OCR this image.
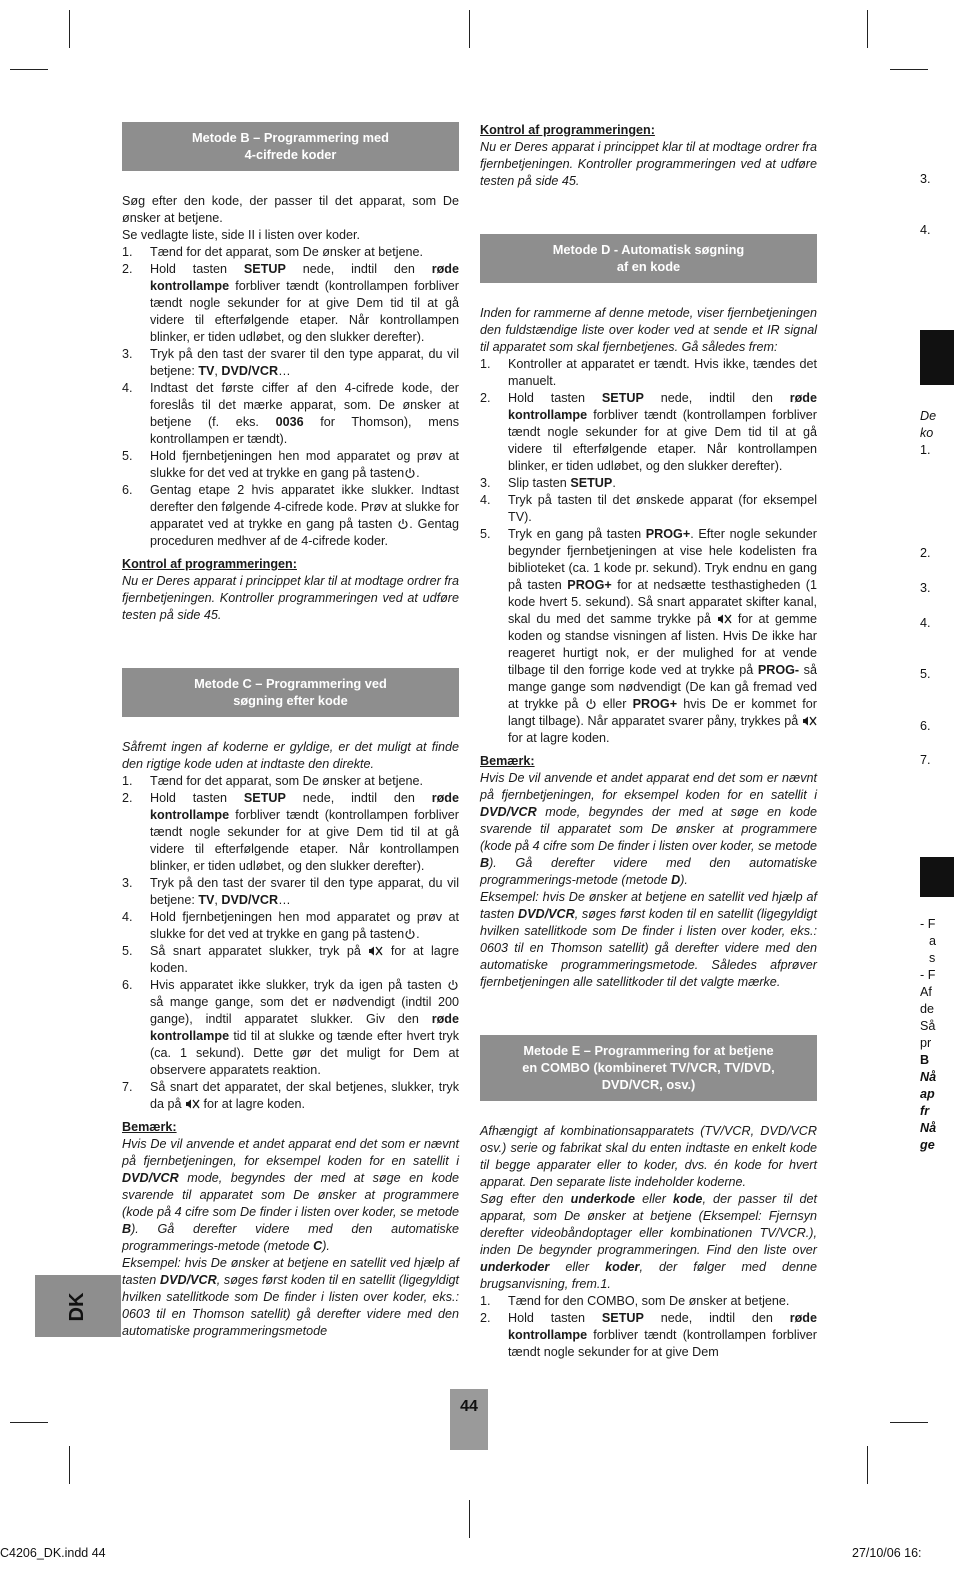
Metode B – Programmering med
4-cifrede koder

Søg efter den kode, der passer til det apparat, som De ønsker at betjene.

Se vedlagte liste, side II i listen over koder.

1. Tænd for det apparat, som De ønsker at betjene.
2. Hold tasten SETUP nede, indtil den røde kontrollampe forbliver tændt (kontrollampen forbliver tændt nogle sekunder for at give Dem tid til at gå videre til efterfølgende etaper. Når kontrollampen blinker, er tiden udløbet, og den slukker derefter).
3. Tryk på den tast der svarer til den type apparat, du vil betjene: TV, DVD/VCR…
4. Indtast det første ciffer af den 4-cifrede kode, der foreslås til det mærke apparat, som. De ønsker at betjene (f. eks. 0036 for Thomson), mens kontrollampen er tændt).
5. Hold fjernbetjeningen hen mod apparatet og prøv at slukke for det ved at trykke en gang på tasten .
6. Gentag etape 2 hvis apparatet ikke slukker. Indtast derefter den følgende 4-cifrede kode. Prøv at slukke for apparatet ved at trykke en gang på tasten . Gentag proceduren medhver af de 4-cifrede koder.

Kontrol af programmeringen:

Nu er Deres apparat i princippet klar til at modtage ordrer fra fjernbetjeningen. Kontroller programmeringen ved at udføre testen på side 45.

Metode C – Programmering ved
søgning efter kode

Såfremt ingen af koderne er gyldige, er det muligt at finde den rigtige kode uden at indtaste den direkte.

1. Tænd for det apparat, som De ønsker at betjene.
2. Hold tasten SETUP nede, indtil den røde kontrollampe forbliver tændt (kontrollampen forbliver tændt nogle sekunder for at give Dem tid til at gå videre til efterfølgende etaper. Når kontrollampen blinker, er tiden udløbet, og den slukker derefter).
3. Tryk på den tast der svarer til den type apparat, du vil betjene: TV, DVD/VCR…
4. Hold fjernbetjeningen hen mod apparatet og prøv at slukke for det ved at trykke en gang på tasten .
5. Så snart apparatet slukker, tryk på  for at lagre koden.
6. Hvis apparatet ikke slukker, tryk da igen på tasten  så mange gange, som det er nødvendigt (indtil 200 gange), indtil apparatet slukker. Giv den røde kontrollampe tid til at slukke og tænde efter hvert tryk (ca. 1 sekund). Dette gør det muligt for Dem at observere apparatets reaktion.
7. Så snart det apparatet, der skal betjenes, slukker, tryk da på  for at lagre koden.

Bemærk:

Hvis De vil anvende et andet apparat end det som er nævnt på fjernbetjeningen, for eksempel koden for en satellit i DVD/VCR mode, begyndes der med at søge en kode svarende til apparatet som De ønsker at programmere (kode på 4 cifre som De finder i listen over koder, se metode B). Gå derefter videre med den automatiske programmerings-metode (metode C).

Eksempel: hvis De ønsker at betjene en satellit ved hjælp af tasten DVD/VCR, søges først koden til en satellit (ligegyldigt hvilken satellitkode som De finder i listen over koder, eks.: 0603 til en Thomson satellit) gå derefter videre med den automatiske programmeringsmetode

Kontrol af programmeringen:

Nu er Deres apparat i princippet klar til at modtage ordrer fra fjernbetjeningen. Kontroller programmeringen ved at udføre testen på side 45.

Metode D - Automatisk søgning
af en kode

Inden for rammerne af denne metode, viser fjernbetjeningen den fuldstændige liste over koder ved at sende et IR signal til apparatet som skal fjernbetjenes. Gå således frem:

1. Kontroller at apparatet er tændt. Hvis ikke, tændes det manuelt.
2. Hold tasten SETUP nede, indtil den røde kontrollampe forbliver tændt (kontrollampen forbliver tændt nogle sekunder for at give Dem tid til at gå videre til efterfølgende etaper. Når kontrollampen blinker, er tiden udløbet, og den slukker derefter).
3. Slip tasten SETUP.
4. Tryk på tasten til det ønskede apparat (for eksempel TV).
5. Tryk en gang på tasten PROG+. Efter nogle sekunder begynder fjernbetjeningen at vise hele kodelisten fra biblioteket (ca. 1 kode pr. sekund). Tryk endnu en gang på tasten PROG+ for at nedsætte testhastigheden (1 kode hvert 5. sekund). Så snart apparatet skifter kanal, skal du med det samme trykke på  for at gemme koden og standse visningen af listen. Hvis De ikke har reageret hurtigt nok, er der mulighed for at vende tilbage til den forrige kode ved at trykke på PROG- så mange gange som nødvendigt (De kan gå fremad ved at trykke på  eller PROG+ hvis De er kommet for langt tilbage). Når apparatet svarer påny, trykkes på  for at lagre koden.

Bemærk:

Hvis De vil anvende et andet apparat end det som er nævnt på fjernbetjeningen, for eksempel koden for en satellit i DVD/VCR mode, begyndes der med at søge en kode svarende til apparatet som De ønsker at programmere (kode på 4 cifre som De finder i listen over koder, se metode B). Gå derefter videre med den automatiske programmerings-metode (metode D).

Eksempel: hvis De ønsker at betjene en satellit ved hjælp af tasten DVD/VCR, søges først koden til en satellit (ligegyldigt hvilken satellitkode som De finder i listen over koder, eks.: 0603 til en Thomson satellit) gå derefter videre med den automatiske programmeringsmetode. Således afprøver fjernbetjeningen alle satellitkoder til det valgte mærke.

Metode E – Programmering for at betjene
en COMBO (kombineret TV/VCR, TV/DVD,
DVD/VCR, osv.)

Afhængigt af kombinationsapparatets (TV/VCR, DVD/VCR osv.) serie og fabrikat skal du enten indtaste en enkelt kode til begge apparater eller to koder, dvs. én kode for hvert apparat. Den separate liste indeholder koderne.

Søg efter den underkode eller kode, der passer til det apparat, som De ønsker at betjene (Eksempel: Fjernsyn derefter videobåndoptager eller kombinationen TV/VCR.), inden De begynder programmeringen. Find den liste over underkoder eller koder, der følger med denne brugsanvisning, frem.1.

1. Tænd for den COMBO, som De ønsker at betjene.
2. Hold tasten SETUP nede, indtil den røde kontrollampe forbliver tændt (kontrollampen forbliver tændt nogle sekunder for at give Dem
3.
4.
De
ko
1.
2.
3.
4.
5.
6.
7.
- F
a
s
- F
Af
de
Så
pr
B
Nå
ap
fr
Nå
ge
DK
44
C4206_DK.indd 44	27/10/06 16:
